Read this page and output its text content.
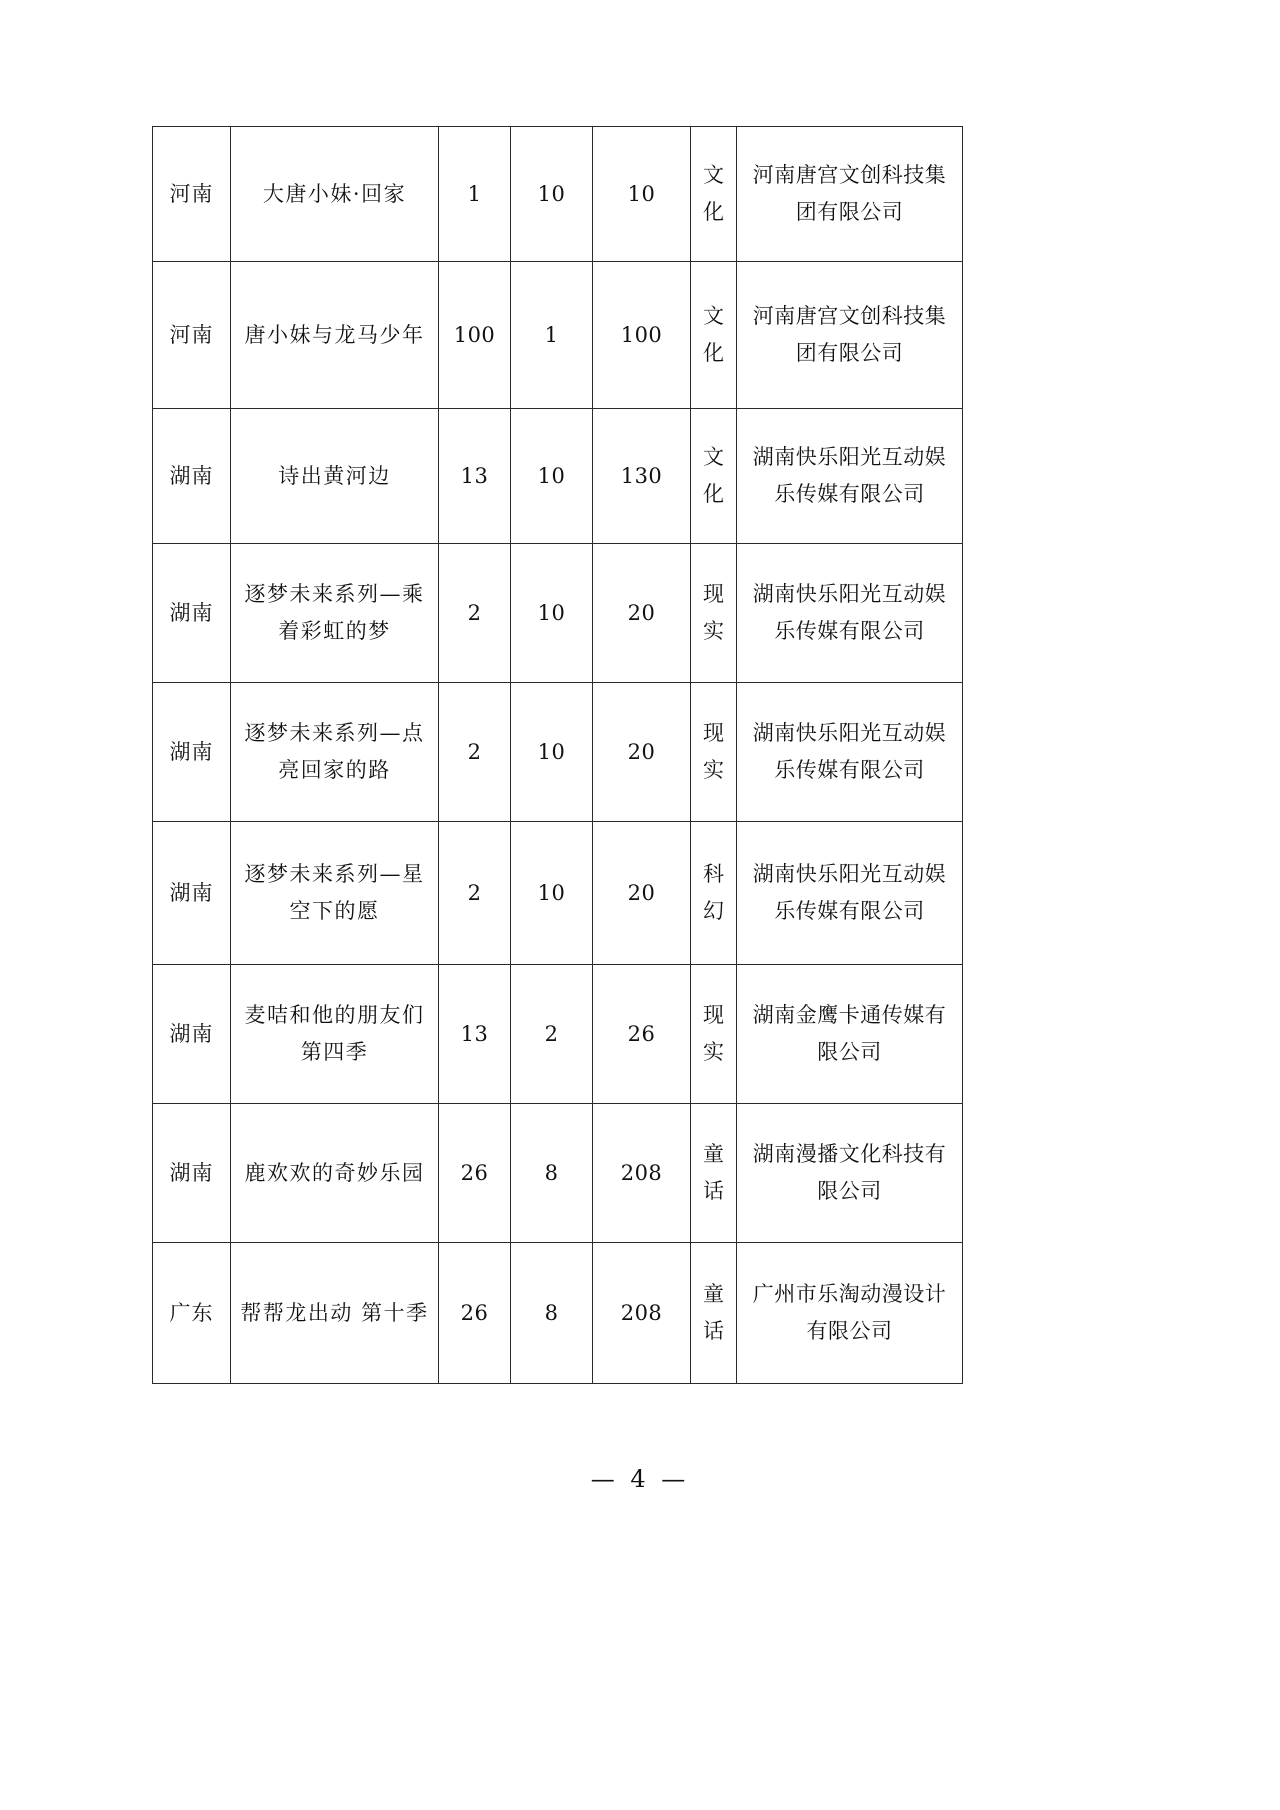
河南	大唐小妹·回家	1	10	10	文化	河南唐宫文创科技集团有限公司
河南	唐小妹与龙马少年	100	1	100	文化	河南唐宫文创科技集团有限公司
湖南	诗出黄河边	13	10	130	文化	湖南快乐阳光互动娱乐传媒有限公司
湖南	逐梦未来系列—乘着彩虹的梦	2	10	20	现实	湖南快乐阳光互动娱乐传媒有限公司
湖南	逐梦未来系列—点亮回家的路	2	10	20	现实	湖南快乐阳光互动娱乐传媒有限公司
湖南	逐梦未来系列—星空下的愿	2	10	20	科幻	湖南快乐阳光互动娱乐传媒有限公司
湖南	麦咭和他的朋友们 第四季	13	2	26	现实	湖南金鹰卡通传媒有限公司
湖南	鹿欢欢的奇妙乐园	26	8	208	童话	湖南漫播文化科技有限公司
广东	帮帮龙出动 第十季	26	8	208	童话	广州市乐淘动漫设计有限公司
— 4 —
